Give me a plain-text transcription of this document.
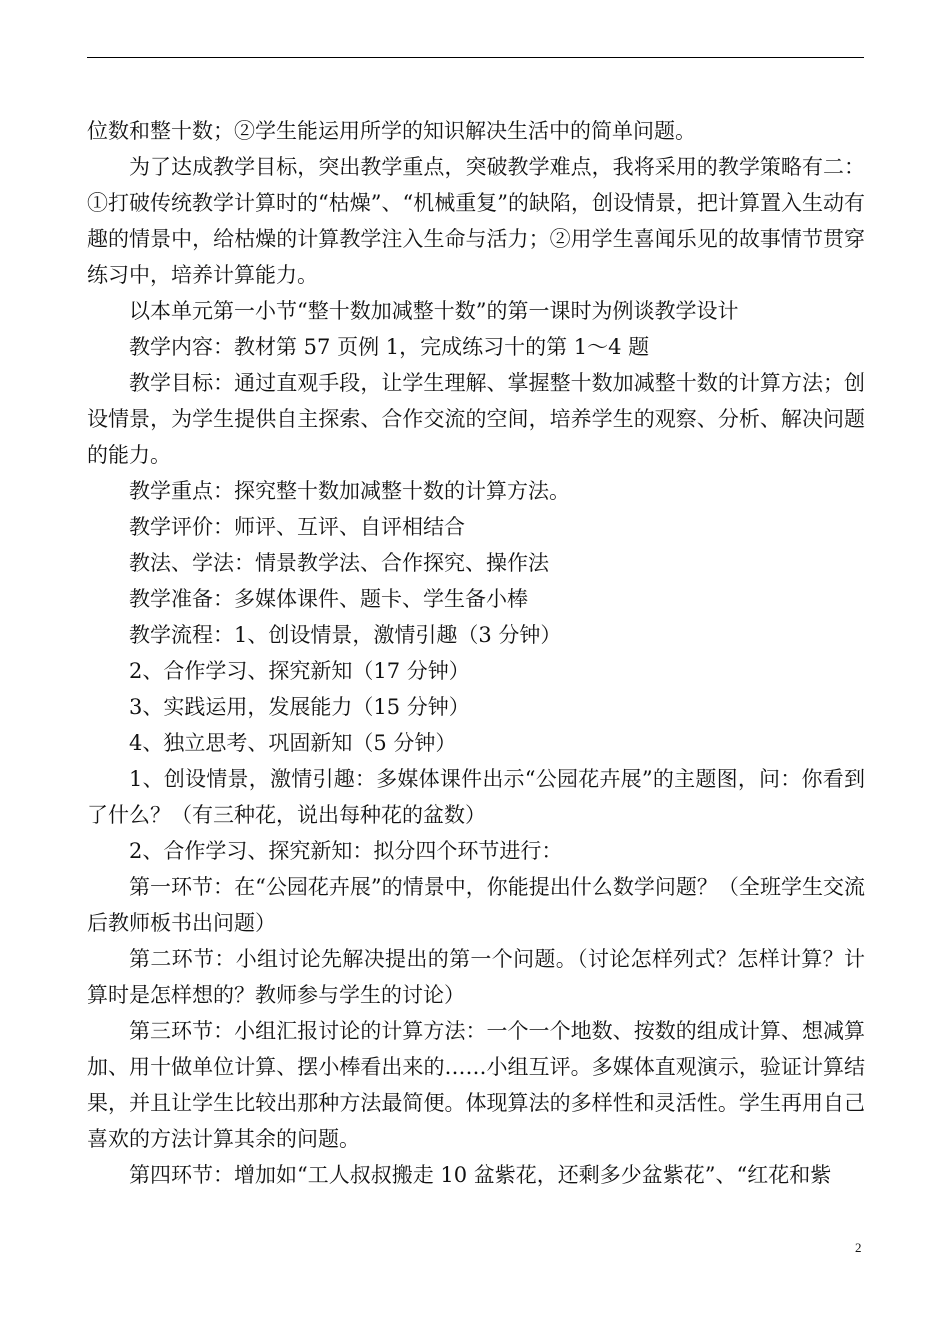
位数和整十数；②学生能运用所学的知识解决生活中的简单问题。

为了达成教学目标，突出教学重点，突破教学难点，我将采用的教学策略有二：①打破传统教学计算时的“枯燥”、“机械重复”的缺陷，创设情景，把计算置入生动有趣的情景中，给枯燥的计算教学注入生命与活力；②用学生喜闻乐见的故事情节贯穿练习中，培养计算能力。

以本单元第一小节“整十数加减整十数”的第一课时为例谈教学设计

教学内容：教材第 57 页例 1，完成练习十的第 1～4 题

教学目标：通过直观手段，让学生理解、掌握整十数加减整十数的计算方法；创设情景，为学生提供自主探索、合作交流的空间，培养学生的观察、分析、解决问题的能力。

教学重点：探究整十数加减整十数的计算方法。

教学评价：师评、互评、自评相结合

教法、学法：情景教学法、合作探究、操作法

教学准备：多媒体课件、题卡、学生备小棒

教学流程：1、创设情景，激情引趣（3 分钟）

2、合作学习、探究新知（17 分钟）

3、实践运用，发展能力（15 分钟）

4、独立思考、巩固新知（5 分钟）

1、创设情景，激情引趣：多媒体课件出示“公园花卉展”的主题图，问：你看到了什么？（有三种花，说出每种花的盆数）

2、合作学习、探究新知：拟分四个环节进行：

第一环节：在“公园花卉展”的情景中，你能提出什么数学问题？（全班学生交流后教师板书出问题）

第二环节：小组讨论先解决提出的第一个问题。（讨论怎样列式？怎样计算？计算时是怎样想的？教师参与学生的讨论）

第三环节：小组汇报讨论的计算方法：一个一个地数、按数的组成计算、想减算加、用十做单位计算、摆小棒看出来的……小组互评。多媒体直观演示，验证计算结果，并且让学生比较出那种方法最简便。体现算法的多样性和灵活性。学生再用自己喜欢的方法计算其余的问题。

第四环节：增加如“工人叔叔搬走 10 盆紫花，还剩多少盆紫花”、“红花和紫

2
